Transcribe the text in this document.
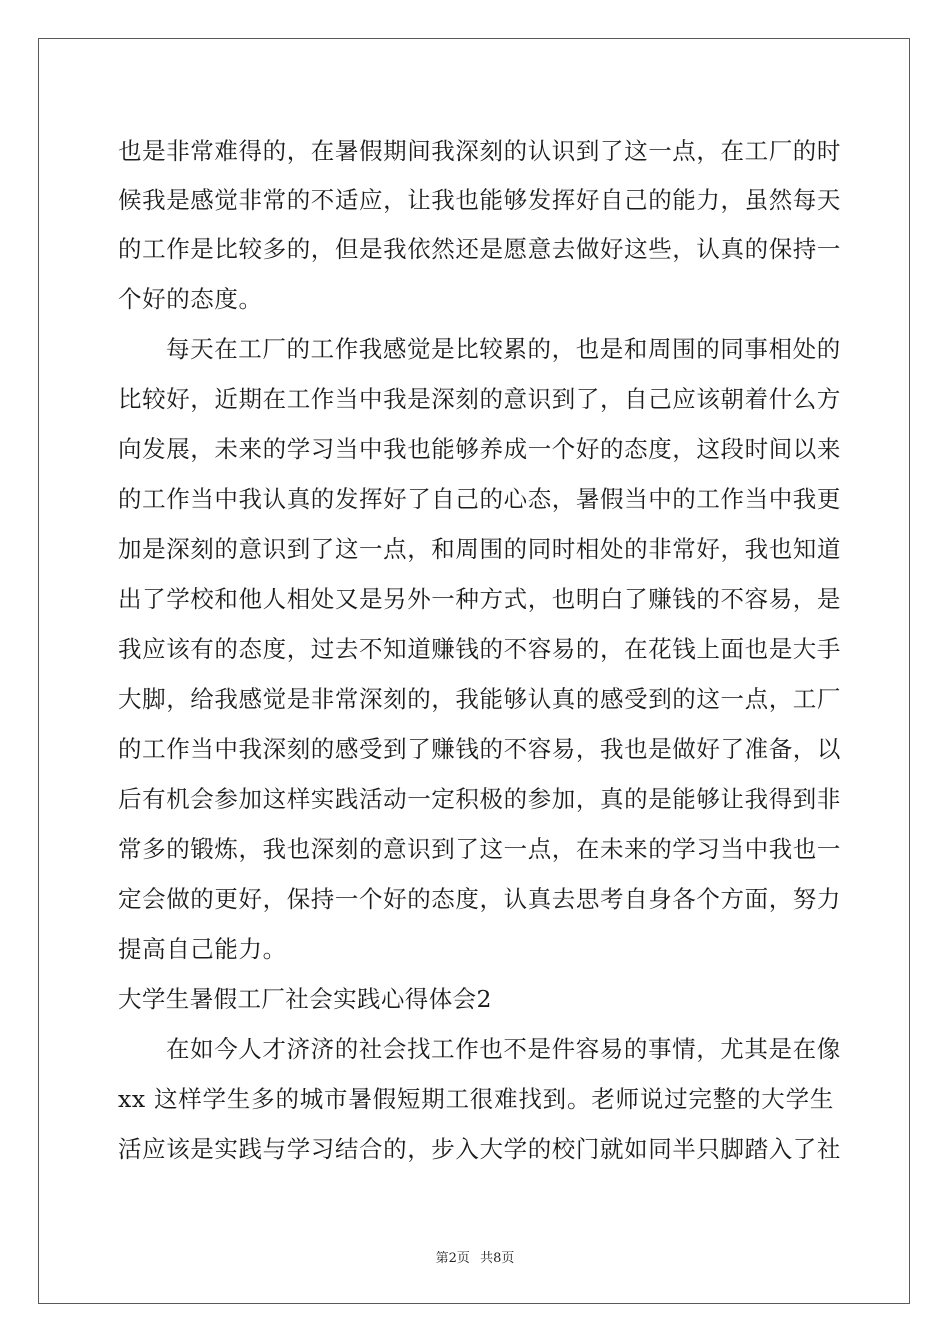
也是非常难得的，在暑假期间我深刻的认识到了这一点，在工厂的时

候我是感觉非常的不适应，让我也能够发挥好自己的能力，虽然每天

的工作是比较多的，但是我依然还是愿意去做好这些，认真的保持一

个好的态度。

每天在工厂的工作我感觉是比较累的，也是和周围的同事相处的

比较好，近期在工作当中我是深刻的意识到了，自己应该朝着什么方

向发展，未来的学习当中我也能够养成一个好的态度，这段时间以来

的工作当中我认真的发挥好了自己的心态，暑假当中的工作当中我更

加是深刻的意识到了这一点，和周围的同时相处的非常好，我也知道

出了学校和他人相处又是另外一种方式，也明白了赚钱的不容易，是

我应该有的态度，过去不知道赚钱的不容易的，在花钱上面也是大手

大脚，给我感觉是非常深刻的，我能够认真的感受到的这一点，工厂

的工作当中我深刻的感受到了赚钱的不容易，我也是做好了准备，以

后有机会参加这样实践活动一定积极的参加，真的是能够让我得到非

常多的锻炼，我也深刻的意识到了这一点，在未来的学习当中我也一

定会做的更好，保持一个好的态度，认真去思考自身各个方面，努力

提高自己能力。

大学生暑假工厂社会实践心得体会2

在如今人才济济的社会找工作也不是件容易的事情，尤其是在像

xx 这样学生多的城市暑假短期工很难找到。老师说过完整的大学生

活应该是实践与学习结合的，步入大学的校门就如同半只脚踏入了社

第2页 共8页
